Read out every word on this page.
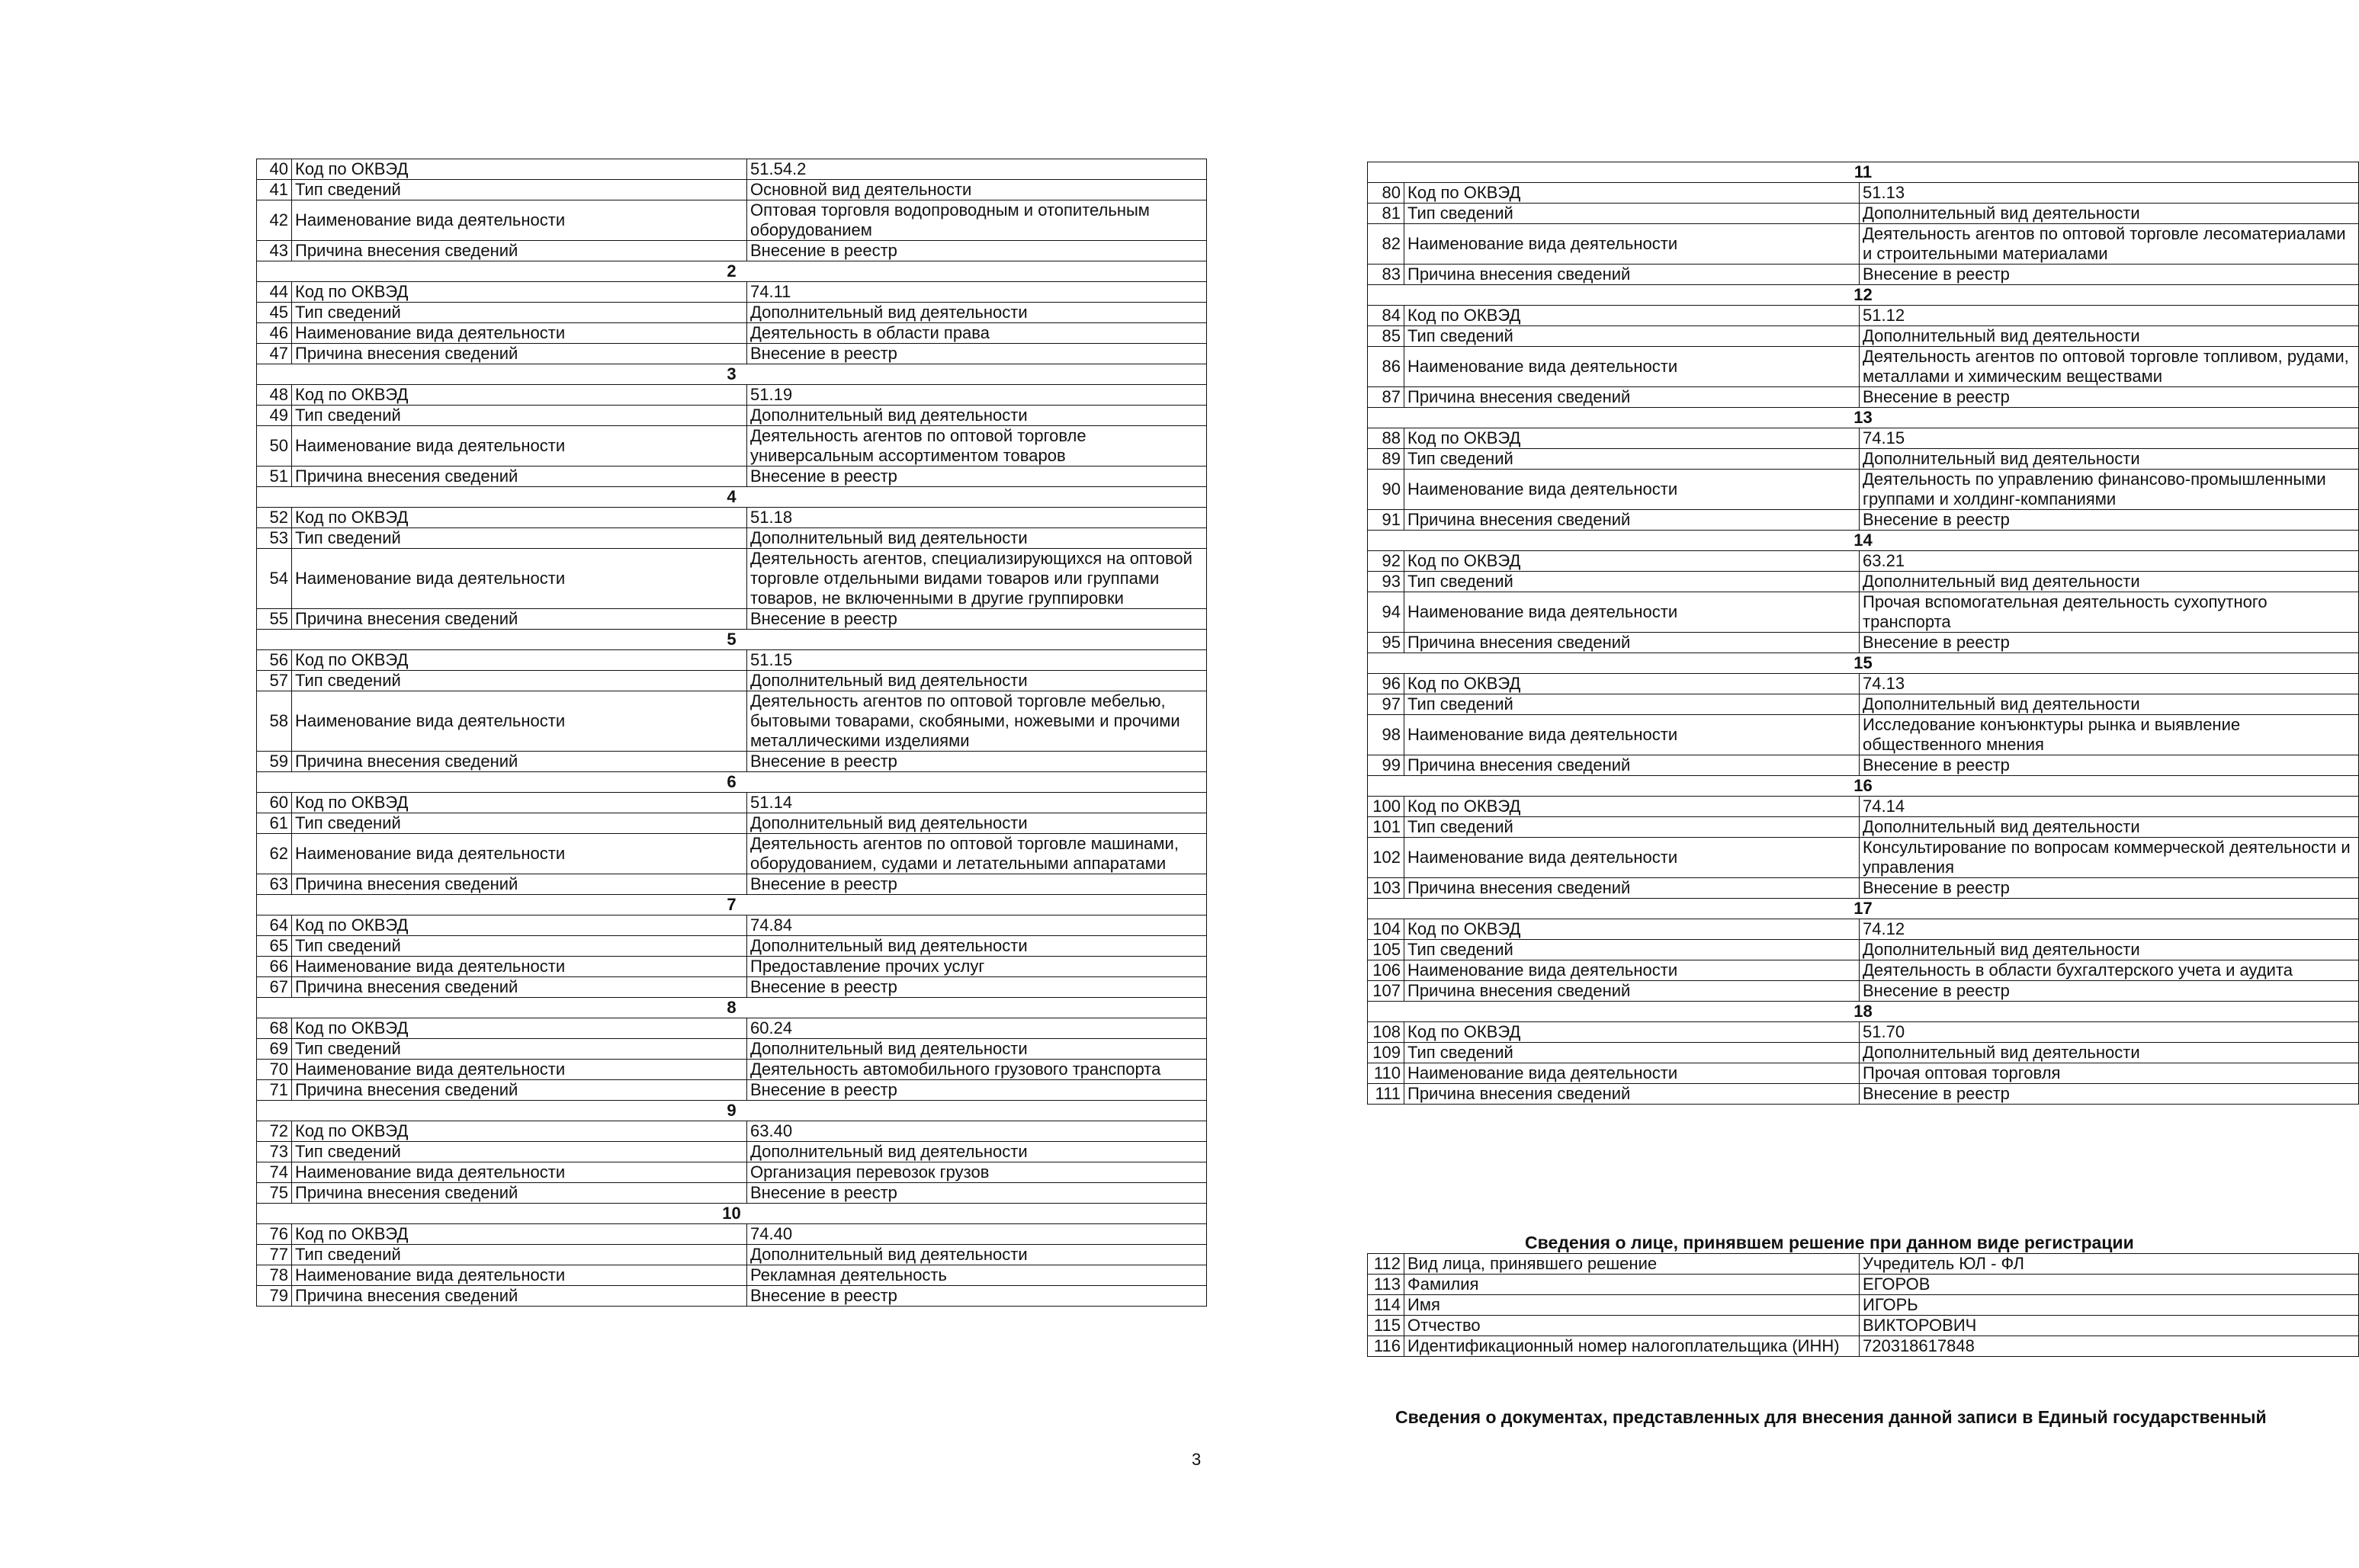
40	Код по ОКВЭД	51.54.2
41	Тип сведений	Основной вид деятельности
42	Наименование вида деятельности	Оптовая торговля водопроводным и отопительным оборудованием
43	Причина внесения сведений	Внесение в реестр
2		
44	Код по ОКВЭД	74.11
45	Тип сведений	Дополнительный вид деятельности
46	Наименование вида деятельности	Деятельность в области права
47	Причина внесения сведений	Внесение в реестр
3		
48	Код по ОКВЭД	51.19
49	Тип сведений	Дополнительный вид деятельности
50	Наименование вида деятельности	Деятельность агентов по оптовой торговле универсальным ассортиментом товаров
51	Причина внесения сведений	Внесение в реестр
4		
52	Код по ОКВЭД	51.18
53	Тип сведений	Дополнительный вид деятельности
54	Наименование вида деятельности	Деятельность агентов, специализирующихся на оптовой торговле отдельными видами товаров или группами товаров, не включенными в другие группировки
55	Причина внесения сведений	Внесение в реестр
5		
56	Код по ОКВЭД	51.15
57	Тип сведений	Дополнительный вид деятельности
58	Наименование вида деятельности	Деятельность агентов по оптовой торговле мебелью, бытовыми товарами, скобяными, ножевыми и прочими металлическими изделиями
59	Причина внесения сведений	Внесение в реестр
6		
60	Код по ОКВЭД	51.14
61	Тип сведений	Дополнительный вид деятельности
62	Наименование вида деятельности	Деятельность агентов по оптовой торговле машинами, оборудованием, судами и летательными аппаратами
63	Причина внесения сведений	Внесение в реестр
7		
64	Код по ОКВЭД	74.84
65	Тип сведений	Дополнительный вид деятельности
66	Наименование вида деятельности	Предоставление прочих услуг
67	Причина внесения сведений	Внесение в реестр
8		
68	Код по ОКВЭД	60.24
69	Тип сведений	Дополнительный вид деятельности
70	Наименование вида деятельности	Деятельность автомобильного грузового транспорта
71	Причина внесения сведений	Внесение в реестр
9		
72	Код по ОКВЭД	63.40
73	Тип сведений	Дополнительный вид деятельности
74	Наименование вида деятельности	Организация перевозок грузов
75	Причина внесения сведений	Внесение в реестр
10		
76	Код по ОКВЭД	74.40
77	Тип сведений	Дополнительный вид деятельности
78	Наименование вида деятельности	Рекламная деятельность
79	Причина внесения сведений	Внесение в реестр
3
11		
80	Код по ОКВЭД	51.13
81	Тип сведений	Дополнительный вид деятельности
82	Наименование вида деятельности	Деятельность агентов по оптовой торговле лесоматериалами и строительными материалами
83	Причина внесения сведений	Внесение в реестр
12		
84	Код по ОКВЭД	51.12
85	Тип сведений	Дополнительный вид деятельности
86	Наименование вида деятельности	Деятельность агентов по оптовой торговле топливом, рудами, металлами и химическим веществами
87	Причина внесения сведений	Внесение в реестр
13		
88	Код по ОКВЭД	74.15
89	Тип сведений	Дополнительный вид деятельности
90	Наименование вида деятельности	Деятельность по управлению финансово-промышленными группами и холдинг-компаниями
91	Причина внесения сведений	Внесение в реестр
14		
92	Код по ОКВЭД	63.21
93	Тип сведений	Дополнительный вид деятельности
94	Наименование вида деятельности	Прочая вспомогательная деятельность сухопутного транспорта
95	Причина внесения сведений	Внесение в реестр
15		
96	Код по ОКВЭД	74.13
97	Тип сведений	Дополнительный вид деятельности
98	Наименование вида деятельности	Исследование конъюнктуры рынка и выявление общественного мнения
99	Причина внесения сведений	Внесение в реестр
16		
100	Код по ОКВЭД	74.14
101	Тип сведений	Дополнительный вид деятельности
102	Наименование вида деятельности	Консультирование по вопросам коммерческой деятельности и управления
103	Причина внесения сведений	Внесение в реестр
17		
104	Код по ОКВЭД	74.12
105	Тип сведений	Дополнительный вид деятельности
106	Наименование вида деятельности	Деятельность в области бухгалтерского учета и аудита
107	Причина внесения сведений	Внесение в реестр
18		
108	Код по ОКВЭД	51.70
109	Тип сведений	Дополнительный вид деятельности
110	Наименование вида деятельности	Прочая оптовая торговля
111	Причина внесения сведений	Внесение в реестр
Сведения о лице, принявшем решение при данном виде регистрации
112	Вид лица, принявшего решение	Учредитель ЮЛ - ФЛ
113	Фамилия	ЕГОРОВ
114	Имя	ИГОРЬ
115	Отчество	ВИКТОРОВИЧ
116	Идентификационный номер налогоплательщика (ИНН)	720318617848
Сведения о документах, представленных для внесения данной записи в Единый государственный
